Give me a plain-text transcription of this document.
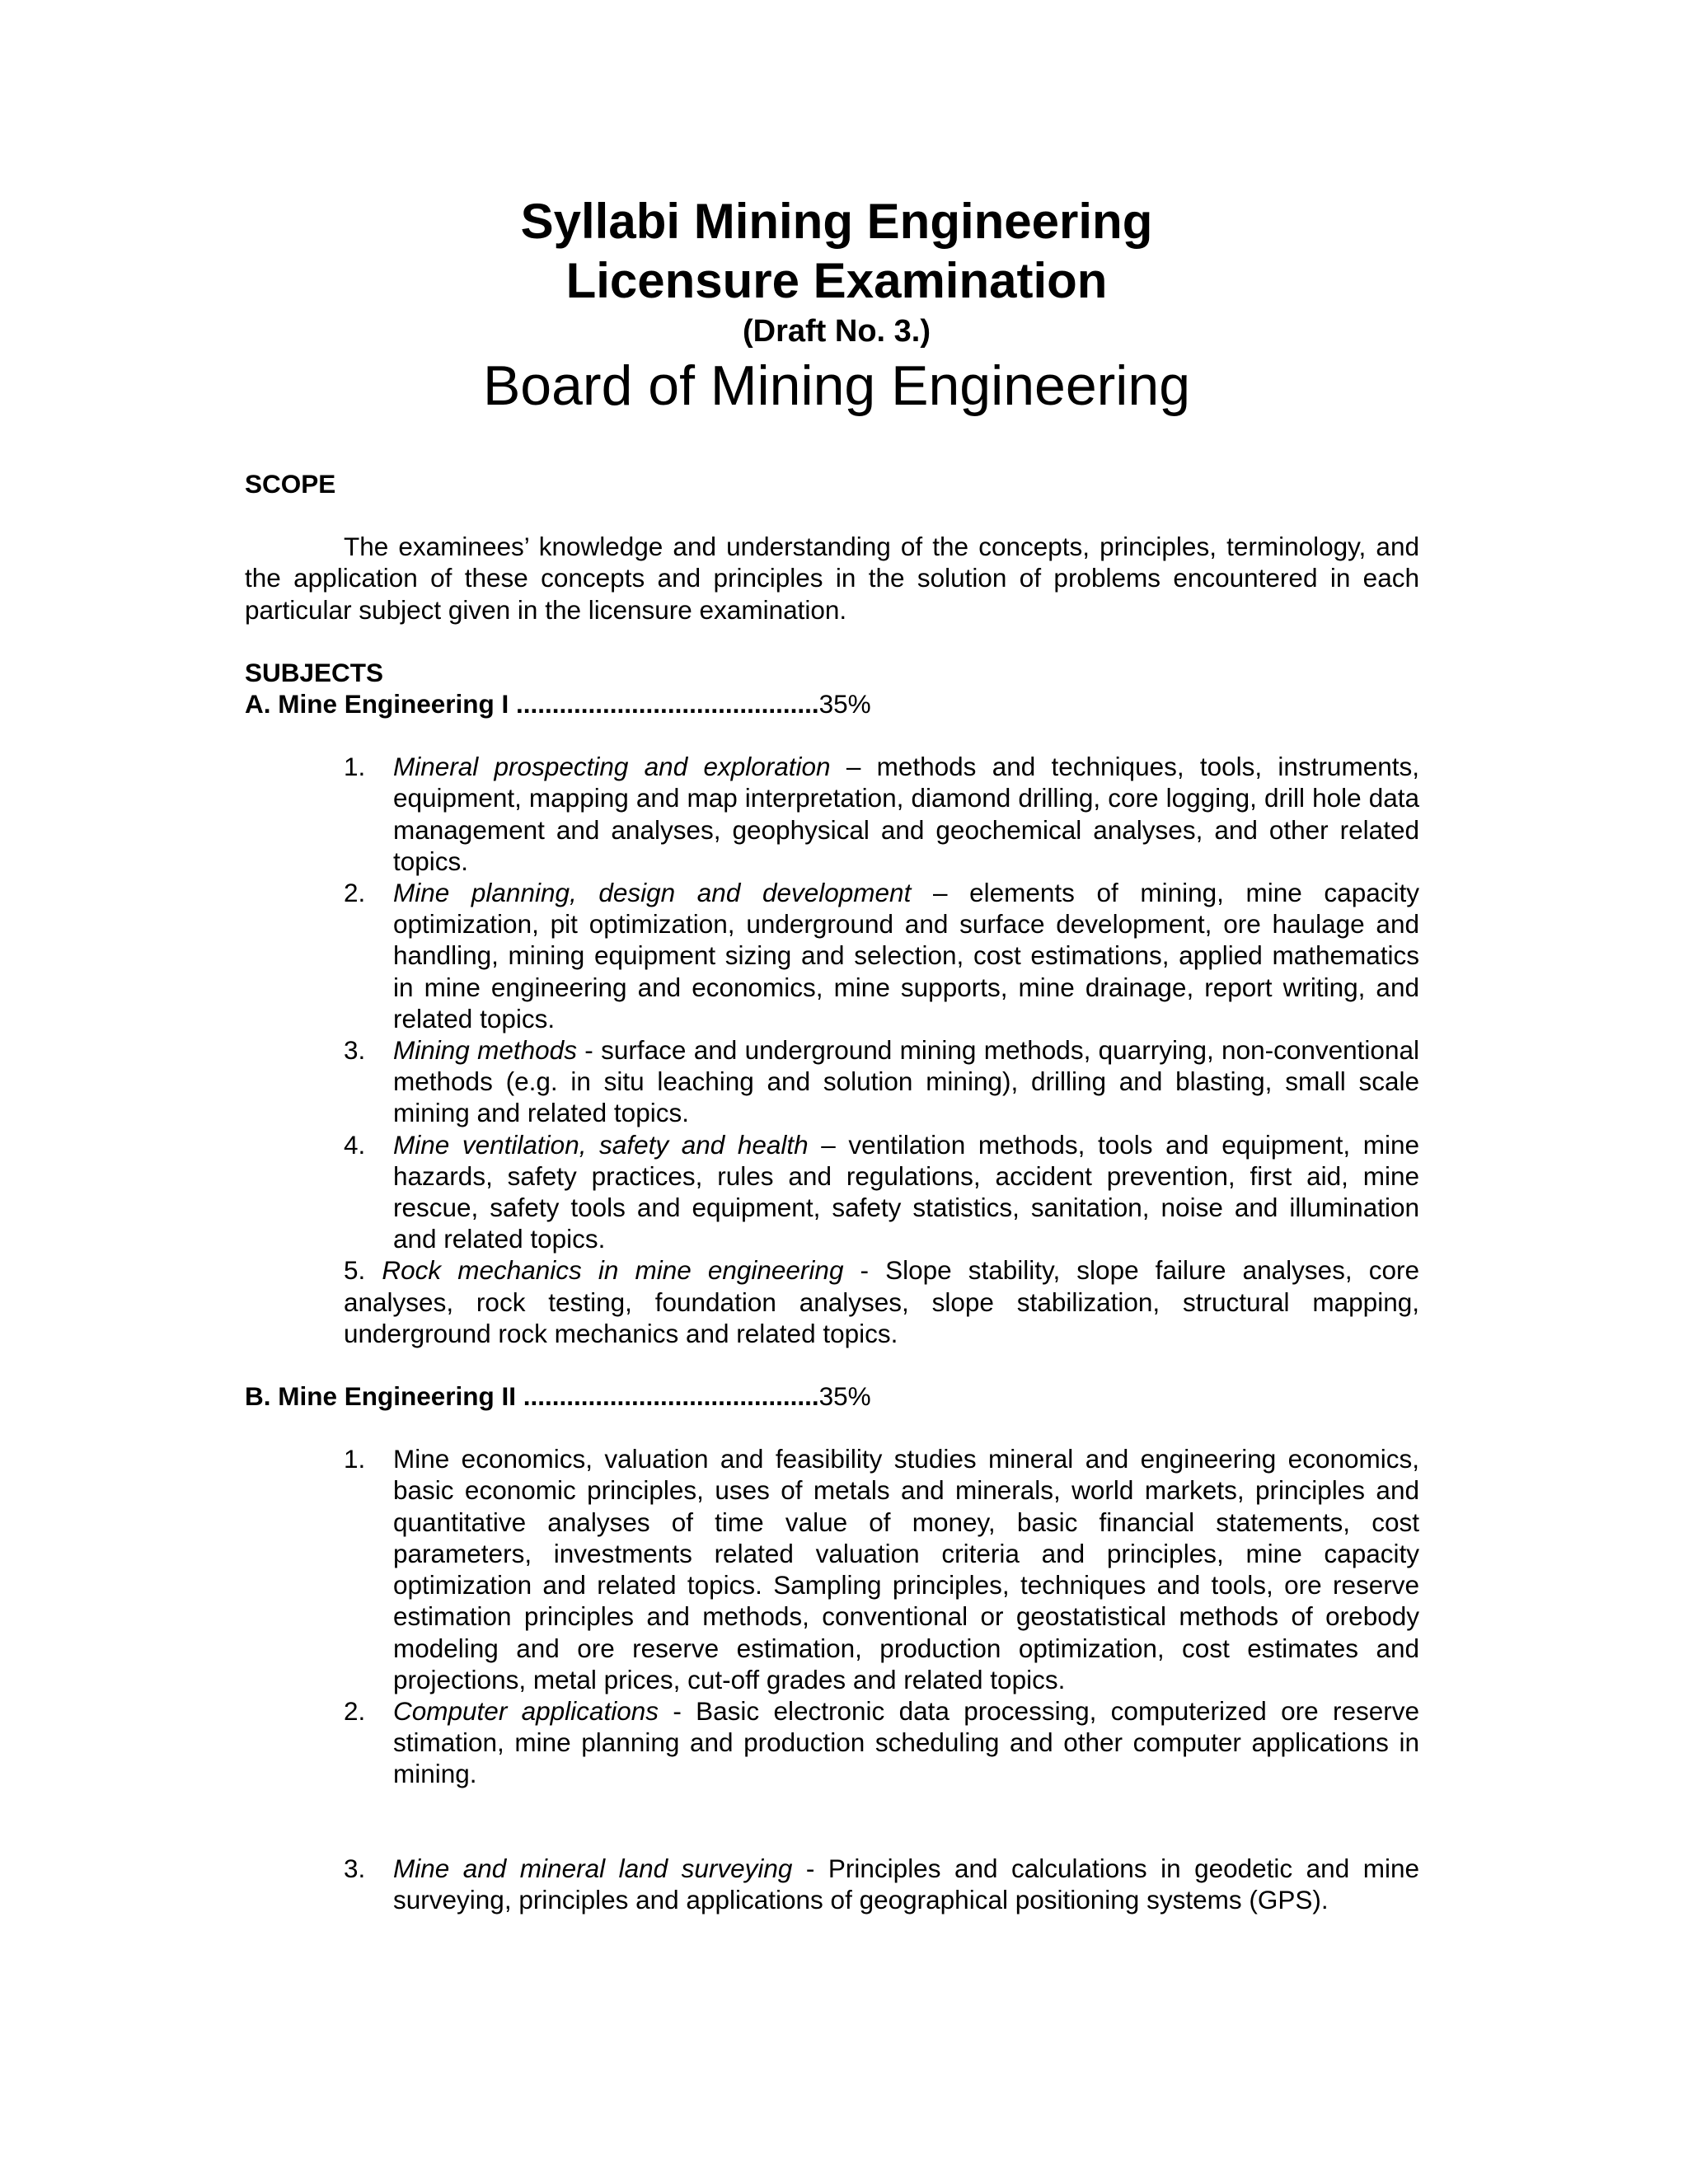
Syllabi Mining Engineering
Licensure Examination
(Draft No. 3.)
Board of Mining Engineering
SCOPE
The examinees’ knowledge and understanding of the concepts, principles, terminology, and the application of these concepts and principles in the solution of problems encountered in each particular subject given in the licensure examination.
SUBJECTS
A. Mine Engineering I ..........................................35%
1. Mineral prospecting and exploration – methods and techniques, tools, instruments, equipment, mapping and map interpretation, diamond drilling, core logging, drill hole data management and analyses, geophysical and geochemical analyses, and other related topics.
2. Mine planning, design and development – elements of mining, mine capacity optimization, pit optimization, underground and surface development, ore haulage and handling, mining equipment sizing and selection, cost estimations, applied mathematics in mine engineering and economics, mine supports, mine drainage, report writing, and related topics.
3. Mining methods - surface and underground mining methods, quarrying, non-conventional methods (e.g. in situ leaching and solution mining), drilling and blasting, small scale mining and related topics.
4. Mine ventilation, safety and health – ventilation methods, tools and equipment, mine hazards, safety practices, rules and regulations, accident prevention, first aid, mine rescue, safety tools and equipment, safety statistics, sanitation, noise and illumination and related topics.
5. Rock mechanics in mine engineering - Slope stability, slope failure analyses, core analyses, rock testing, foundation analyses, slope stabilization, structural mapping, underground rock mechanics and related topics.
B. Mine Engineering II .........................................35%
1. Mine economics, valuation and feasibility studies mineral and engineering economics, basic economic principles, uses of metals and minerals, world markets, principles and quantitative analyses of time value of money, basic financial statements, cost parameters, investments related valuation criteria and principles, mine capacity optimization and related topics. Sampling principles, techniques and tools, ore reserve estimation principles and methods, conventional or geostatistical methods of orebody modeling and ore reserve estimation, production optimization, cost estimates and projections, metal prices, cut-off grades and related topics.
2. Computer applications - Basic electronic data processing, computerized ore reserve stimation, mine planning and production scheduling and other computer applications in mining.
3. Mine and mineral land surveying - Principles and calculations in geodetic and mine surveying, principles and applications of geographical positioning systems (GPS).
